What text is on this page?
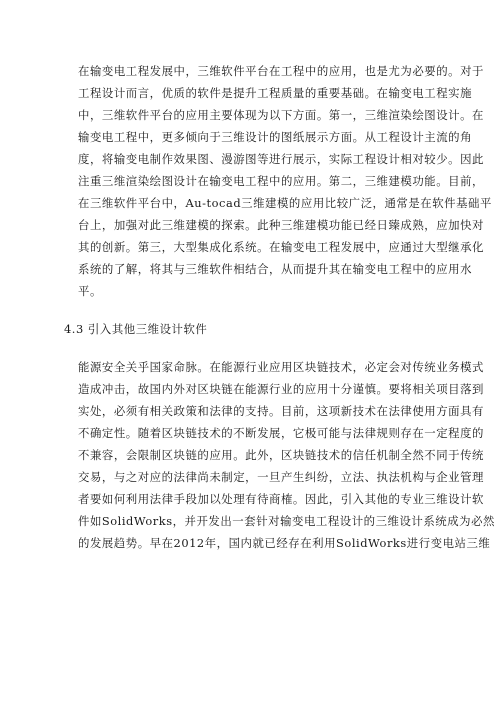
在输变电工程发展中，三维软件平台在工程中的应用，也是尤为必要的。对于
工程设计而言，优质的软件是提升工程质量的重要基础。在输变电工程实施
中，三维软件平台的应用主要体现为以下方面。第一，三维渲染绘图设计。在
输变电工程中，更多倾向于三维设计的图纸展示方面。从工程设计主流的角
度，将输变电制作效果图、漫游图等进行展示，实际工程设计相对较少。因此
注重三维渲染绘图设计在输变电工程中的应用。第二，三维建模功能。目前，
在三维软件平台中，Au-tocad三维建模的应用比较广泛，通常是在软件基础平
台上，加强对此三维建模的探索。此种三维建模功能已经日臻成熟，应加快对
其的创新。第三，大型集成化系统。在输变电工程发展中，应通过大型继承化
系统的了解，将其与三维软件相结合，从而提升其在输变电工程中的应用水
平。
4.3 引入其他三维设计软件
能源安全关乎国家命脉。在能源行业应用区块链技术，必定会对传统业务模式
造成冲击，故国内外对区块链在能源行业的应用十分谨慎。要将相关项目落到
实处，必须有相关政策和法律的支持。目前，这项新技术在法律使用方面具有
不确定性。随着区块链技术的不断发展，它极可能与法律规则存在一定程度的
不兼容，会限制区块链的应用。此外，区块链技术的信任机制全然不同于传统
交易，与之对应的法律尚未制定，一旦产生纠纷，立法、执法机构与企业管理
者要如何利用法律手段加以处理有待商榷。因此，引入其他的专业三维设计软
件如SolidWorks，并开发出一套针对输变电工程设计的三维设计系统成为必然
的发展趋势。早在2012年，国内就已经存在利用SolidWorks进行变电站三维
